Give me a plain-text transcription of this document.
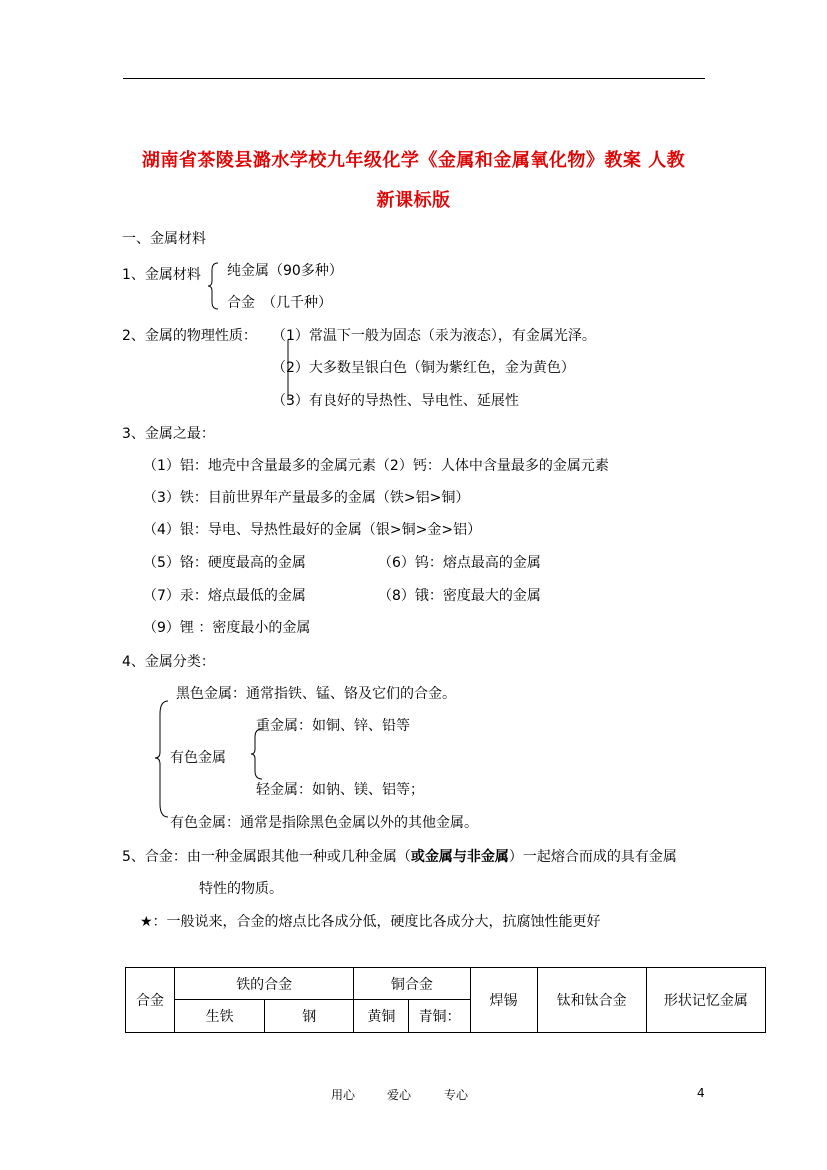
湖南省茶陵县潞水学校九年级化学《金属和金属氧化物》教案 人教
新课标版
一、金属材料
1、金属材料 纯金属（90多种）
合金　（几千种）
2、金属的物理性质： （1）常温下一般为固态（汞为液态），有金属光泽。
（2）大多数呈银白色（铜为紫红色，金为黄色）
（3）有良好的导热性、导电性、延展性
3、金属之最：
（1）铝：地壳中含量最多的金属元素（2）钙：人体中含量最多的金属元素
（3）铁：目前世界年产量最多的金属（铁>铝>铜）
（4）银：导电、导热性最好的金属（银>铜>金>铝）
（5）铬：硬度最高的金属	（6）钨：熔点最高的金属
（7）汞：熔点最低的金属	（8）锇：密度最大的金属
（9）锂 ：密度最小的金属
4、金属分类：
黑色金属：通常指铁、锰、铬及它们的合金。
重金属：如铜、锌、铅等
有色金属
轻金属：如钠、镁、铝等；
有色金属：通常是指除黑色金属以外的其他金属。
5、合金：由一种金属跟其他一种或几种金属（或金属与非金属）一起熔合而成的具有金属
特性的物质。
★：一般说来，合金的熔点比各成分低，硬度比各成分大，抗腐蚀性能更好
合金	铁的合金		铜合金		焊锡	钛和钛合金	形状记忆金属
	生铁	钢	黄铜	青铜：			
用心	爱心	专心	4
